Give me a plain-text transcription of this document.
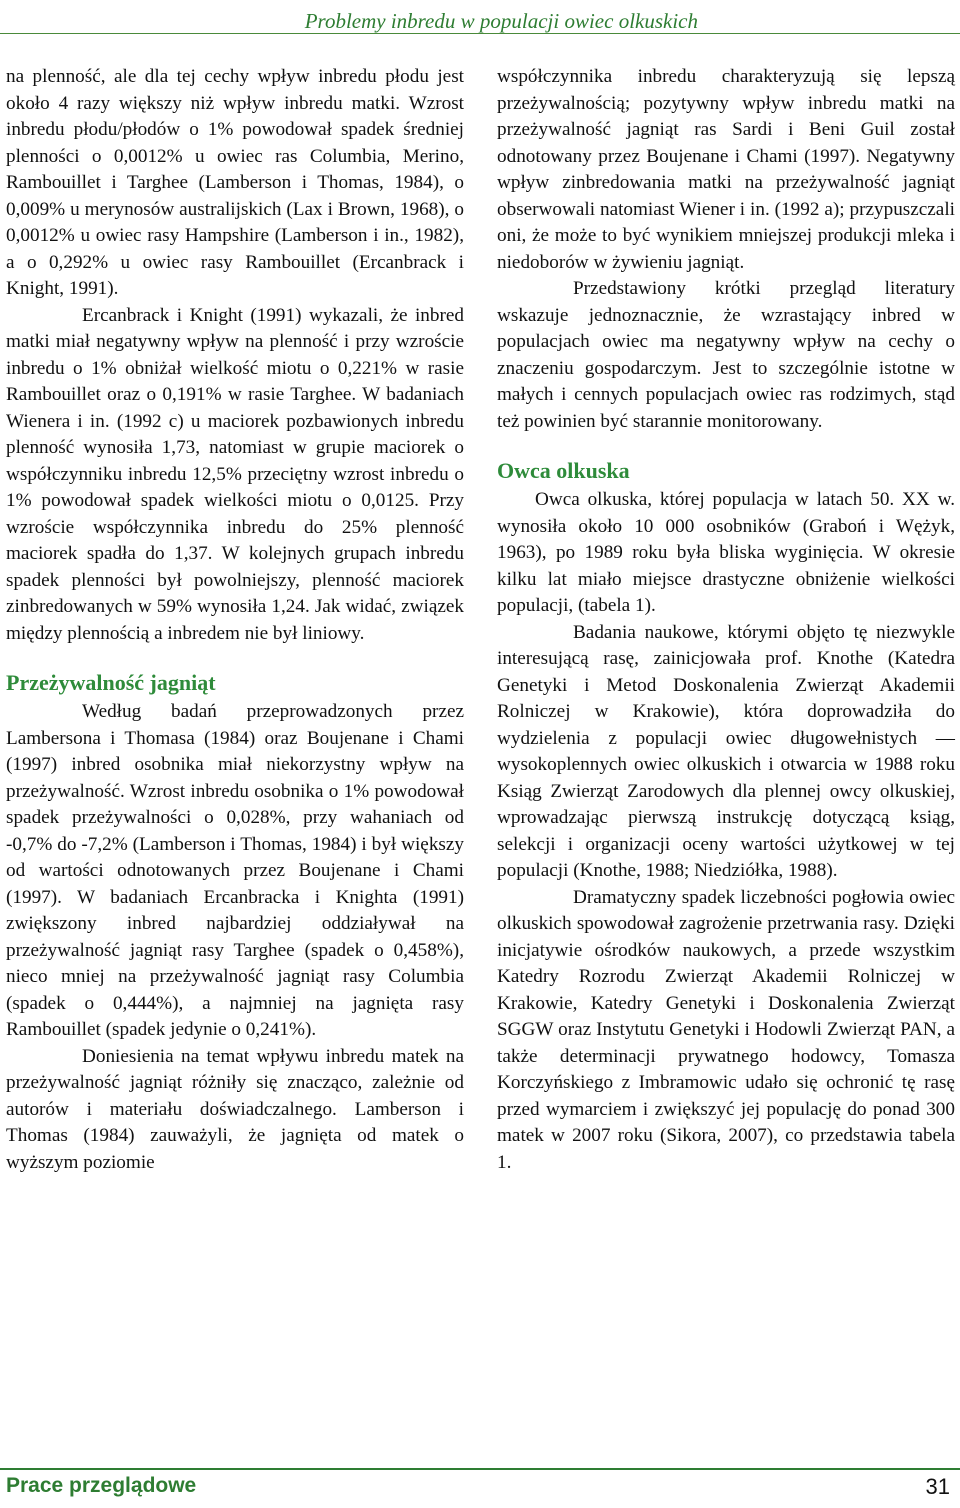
Problemy inbredu w populacji owiec olkuskich

na plenność, ale dla tej cechy wpływ inbredu płodu jest około 4 razy większy niż wpływ inbredu matki. Wzrost inbredu płodu/płodów o 1% powodował spadek średniej plenności o 0,0012% u owiec ras Columbia, Merino, Rambouillet i Targhee (Lamberson i Thomas, 1984), o 0,009% u merynosów australijskich (Lax i Brown, 1968), o 0,0012% u owiec rasy Hampshire (Lamberson i in., 1982), a o 0,292% u owiec rasy Rambouillet (Ercanbrack i Knight, 1991).

Ercanbrack i Knight (1991) wykazali, że inbred matki miał negatywny wpływ na plenność i przy wzroście inbredu o 1% obniżał wielkość miotu o 0,221% w rasie Rambouillet oraz o 0,191% w rasie Targhee. W badaniach Wienera i in. (1992 c) u maciorek pozbawionych inbredu plenność wynosiła 1,73, natomiast w grupie maciorek o współczynniku inbredu 12,5% przeciętny wzrost inbredu o 1% powodował spadek wielkości miotu o 0,0125. Przy wzroście współczynnika inbredu do 25% plenność maciorek spadła do 1,37. W kolejnych grupach inbredu spadek plenności był powolniejszy, plenność maciorek zinbredowanych w 59% wynosiła 1,24. Jak widać, związek między plennością a inbredem nie był liniowy.

Przeżywalność jagniąt

Według badań przeprowadzonych przez Lambersona i Thomasa (1984) oraz Boujenane i Chami (1997) inbred osobnika miał niekorzystny wpływ na przeżywalność. Wzrost inbredu osobnika o 1% powodował spadek przeżywalności o 0,028%, przy wahaniach od -0,7% do -7,2% (Lamberson i Thomas, 1984) i był większy od wartości odnotowanych przez Boujenane i Chami (1997). W badaniach Ercanbracka i Knighta (1991) zwiększony inbred najbardziej oddziaływał na przeżywalność jagniąt rasy Targhee (spadek o 0,458%), nieco mniej na przeżywalność jagniąt rasy Columbia (spadek o 0,444%), a najmniej na jagnięta rasy Rambouillet (spadek jedynie o 0,241%).

Doniesienia na temat wpływu inbredu matek na przeżywalność jagniąt różniły się znacząco, zależnie od autorów i materiału doświadczalnego. Lamberson i Thomas (1984) zauważyli, że jagnięta od matek o wyższym poziomie

współczynnika inbredu charakteryzują się lepszą przeżywalnością; pozytywny wpływ inbredu matki na przeżywalność jagniąt ras Sardi i Beni Guil został odnotowany przez Boujenane i Chami (1997). Negatywny wpływ zinbredowania matki na przeżywalność jagniąt obserwowali natomiast Wiener i in. (1992 a); przypuszczali oni, że może to być wynikiem mniejszej produkcji mleka i niedoborów w żywieniu jagniąt.

Przedstawiony krótki przegląd literatury wskazuje jednoznacznie, że wzrastający inbred w populacjach owiec ma negatywny wpływ na cechy o znaczeniu gospodarczym. Jest to szczególnie istotne w małych i cennych populacjach owiec ras rodzimych, stąd też powinien być starannie monitorowany.

Owca olkuska

Owca olkuska, której populacja w latach 50. XX w. wynosiła około 10 000 osobników (Graboń i Wężyk, 1963), po 1989 roku była bliska wyginięcia. W okresie kilku lat miało miejsce drastyczne obniżenie wielkości populacji, (tabela 1).

Badania naukowe, którymi objęto tę niezwykle interesującą rasę, zainicjowała prof. Knothe (Katedra Genetyki i Metod Doskonalenia Zwierząt Akademii Rolniczej w Krakowie), która doprowadziła do wydzielenia z populacji owiec długowełnistych — wysokoplennych owiec olkuskich i otwarcia w 1988 roku Ksiąg Zwierząt Zarodowych dla plennej owcy olkuskiej, wprowadzając pierwszą instrukcję dotyczącą ksiąg, selekcji i organizacji oceny wartości użytkowej w tej populacji (Knothe, 1988; Niedziółka, 1988).

Dramatyczny spadek liczebności pogłowia owiec olkuskich spowodował zagrożenie przetrwania rasy. Dzięki inicjatywie ośrodków naukowych, a przede wszystkim Katedry Rozrodu Zwierząt Akademii Rolniczej w Krakowie, Katedry Genetyki i Doskonalenia Zwierząt SGGW oraz Instytutu Genetyki i Hodowli Zwierząt PAN, a także determinacji prywatnego hodowcy, Tomasza Korczyńskiego z Imbramowic udało się ochronić tę rasę przed wymarciem i zwiększyć jej populację do ponad 300 matek w 2007 roku (Sikora, 2007), co przedstawia tabela 1.

Prace przeglądowe	31
